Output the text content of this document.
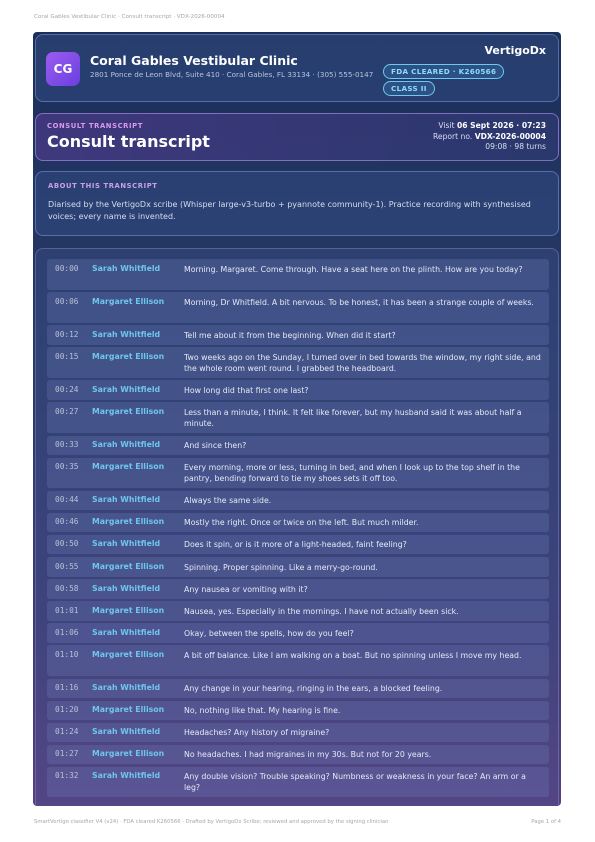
Coral Gables Vestibular Clinic · Consult transcript · VDX-2026-00004
CG
Coral Gables Vestibular Clinic
2801 Ponce de Leon Blvd, Suite 410 · Coral Gables, FL 33134 · (305) 555-0147
VertigoDx
FDA CLEARED · K260566
CLASS II
CONSULT TRANSCRIPT
Consult transcript
Visit 06 Sept 2026 · 07:23
Report no. VDX-2026-00004
09:08 · 98 turns
ABOUT THIS TRANSCRIPT
Diarised by the VertigoDx scribe (Whisper large-v3-turbo + pyannote community-1). Practice recording with synthesised voices; every name is invented.
00:00	Sarah Whitfield	Morning. Margaret. Come through. Have a seat here on the plinth. How are you today?
00:06	Margaret Ellison	Morning, Dr Whitfield. A bit nervous. To be honest, it has been a strange couple of weeks.
00:12	Sarah Whitfield	Tell me about it from the beginning. When did it start?
00:15	Margaret Ellison	Two weeks ago on the Sunday, I turned over in bed towards the window, my right side, and the whole room went round. I grabbed the headboard.
00:24	Sarah Whitfield	How long did that first one last?
00:27	Margaret Ellison	Less than a minute, I think. It felt like forever, but my husband said it was about half a minute.
00:33	Sarah Whitfield	And since then?
00:35	Margaret Ellison	Every morning, more or less, turning in bed, and when I look up to the top shelf in the pantry, bending forward to tie my shoes sets it off too.
00:44	Sarah Whitfield	Always the same side.
00:46	Margaret Ellison	Mostly the right. Once or twice on the left. But much milder.
00:50	Sarah Whitfield	Does it spin, or is it more of a light-headed, faint feeling?
00:55	Margaret Ellison	Spinning. Proper spinning. Like a merry-go-round.
00:58	Sarah Whitfield	Any nausea or vomiting with it?
01:01	Margaret Ellison	Nausea, yes. Especially in the mornings. I have not actually been sick.
01:06	Sarah Whitfield	Okay, between the spells, how do you feel?
01:10	Margaret Ellison	A bit off balance. Like I am walking on a boat. But no spinning unless I move my head.
01:16	Sarah Whitfield	Any change in your hearing, ringing in the ears, a blocked feeling.
01:20	Margaret Ellison	No, nothing like that. My hearing is fine.
01:24	Sarah Whitfield	Headaches? Any history of migraine?
01:27	Margaret Ellison	No headaches. I had migraines in my 30s. But not for 20 years.
01:32	Sarah Whitfield	Any double vision? Trouble speaking? Numbness or weakness in your face? An arm or a leg?
SmartVertigo classifier V4 (v24) · FDA cleared K260566 · Drafted by VertigoDx Scribe; reviewed and approved by the signing clinician	Page 1 of 4
